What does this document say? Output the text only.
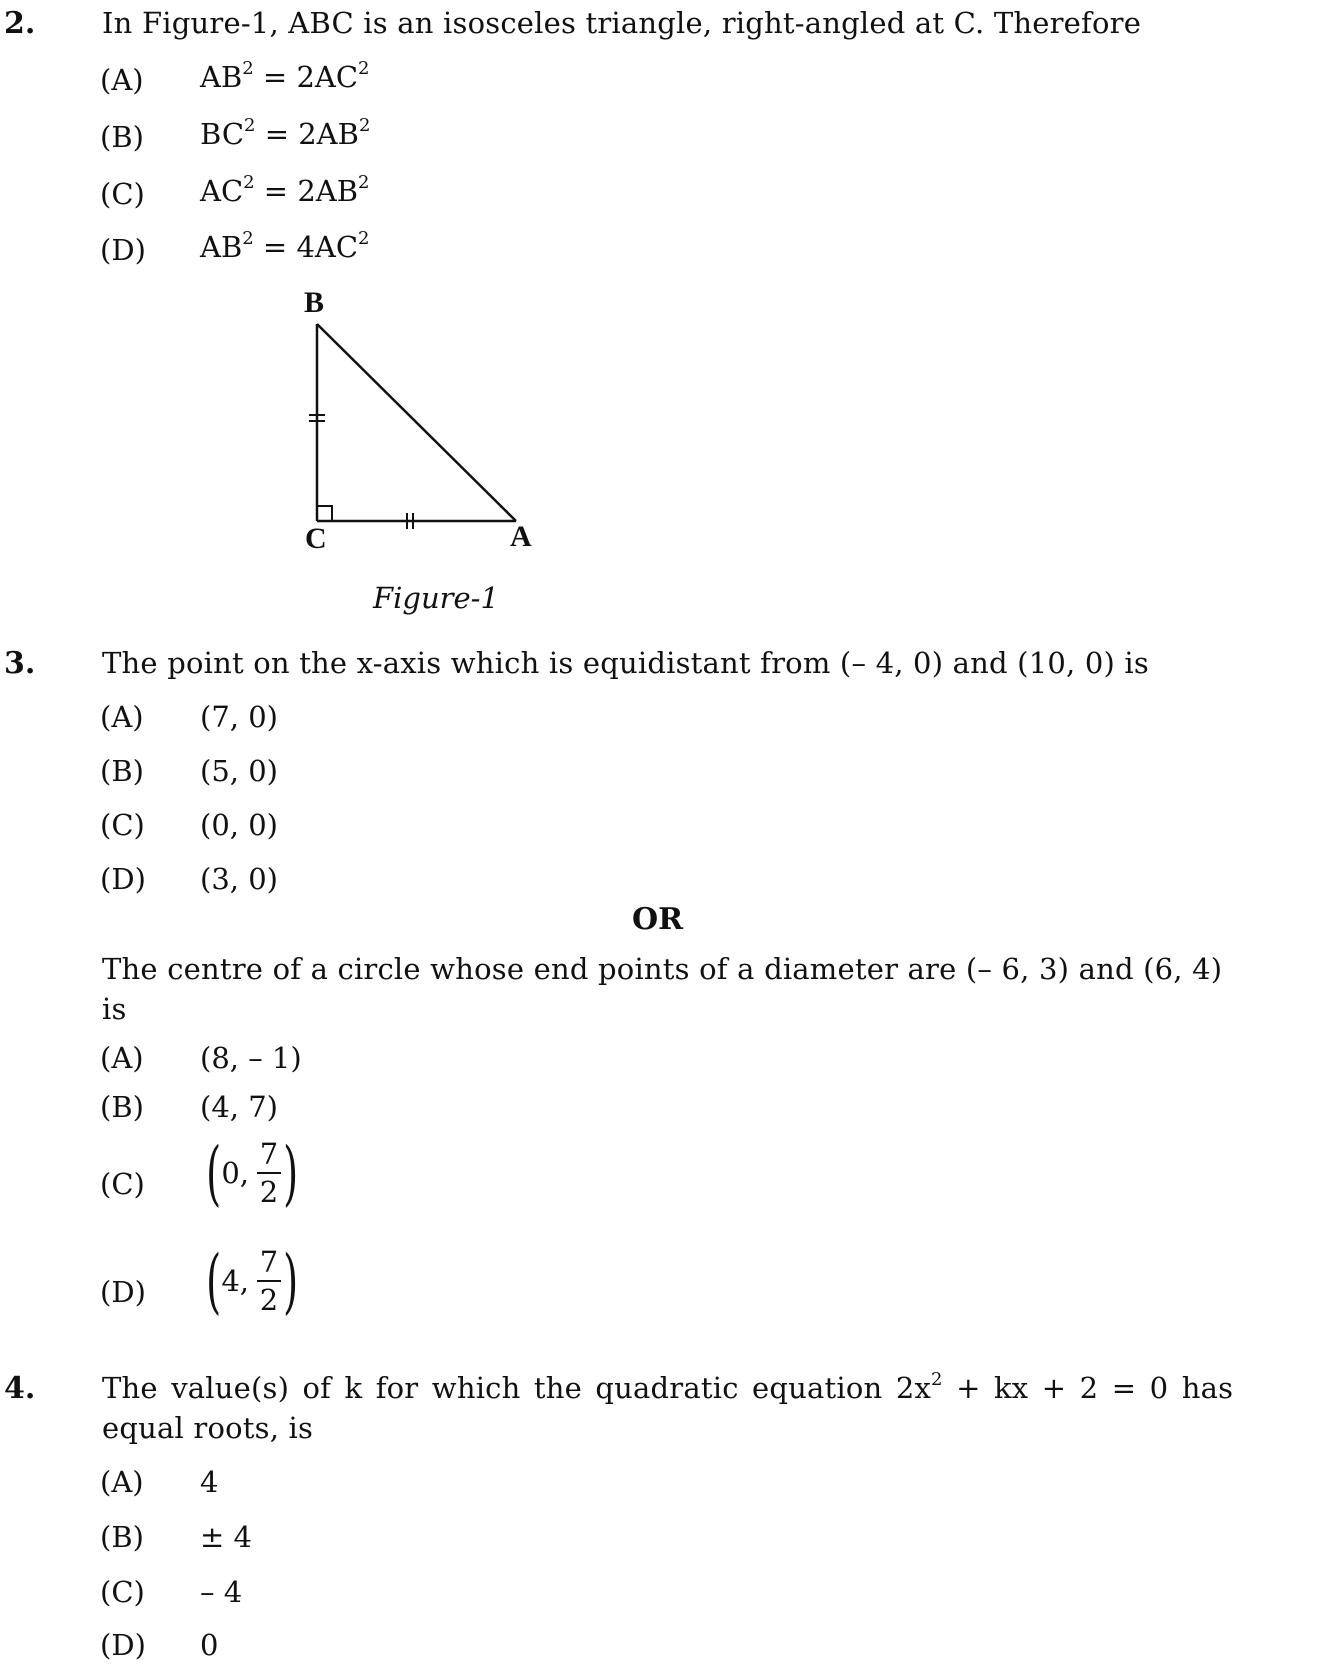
2. In Figure-1, ABC is an isosceles triangle, right-angled at C. Therefore
(A) $AB^2 = 2AC^2$
(B) $BC^2 = 2AB^2$
(C) $AC^2 = 2AB^2$
(D) $AB^2 = 4AC^2$
B
C	A
Figure-1
3. The point on the x-axis which is equidistant from (– 4, 0) and (10, 0) is
(A) (7, 0)
(B) (5, 0)
(C) (0, 0)
(D) (3, 0)
OR
The centre of a circle whose end points of a diameter are (– 6, 3) and (6, 4)
is
(A) (8, – 1)
(B) (4, 7)
(C) ( 0, $\frac{7}{2}$ )
(D) ( 4, $\frac{7}{2}$ )
4. The value(s) of k for which the quadratic equation $2x^2$ + kx + 2 = 0 has
equal roots, is
(A) 4
(B) ± 4
(C) – 4
(D) 0
